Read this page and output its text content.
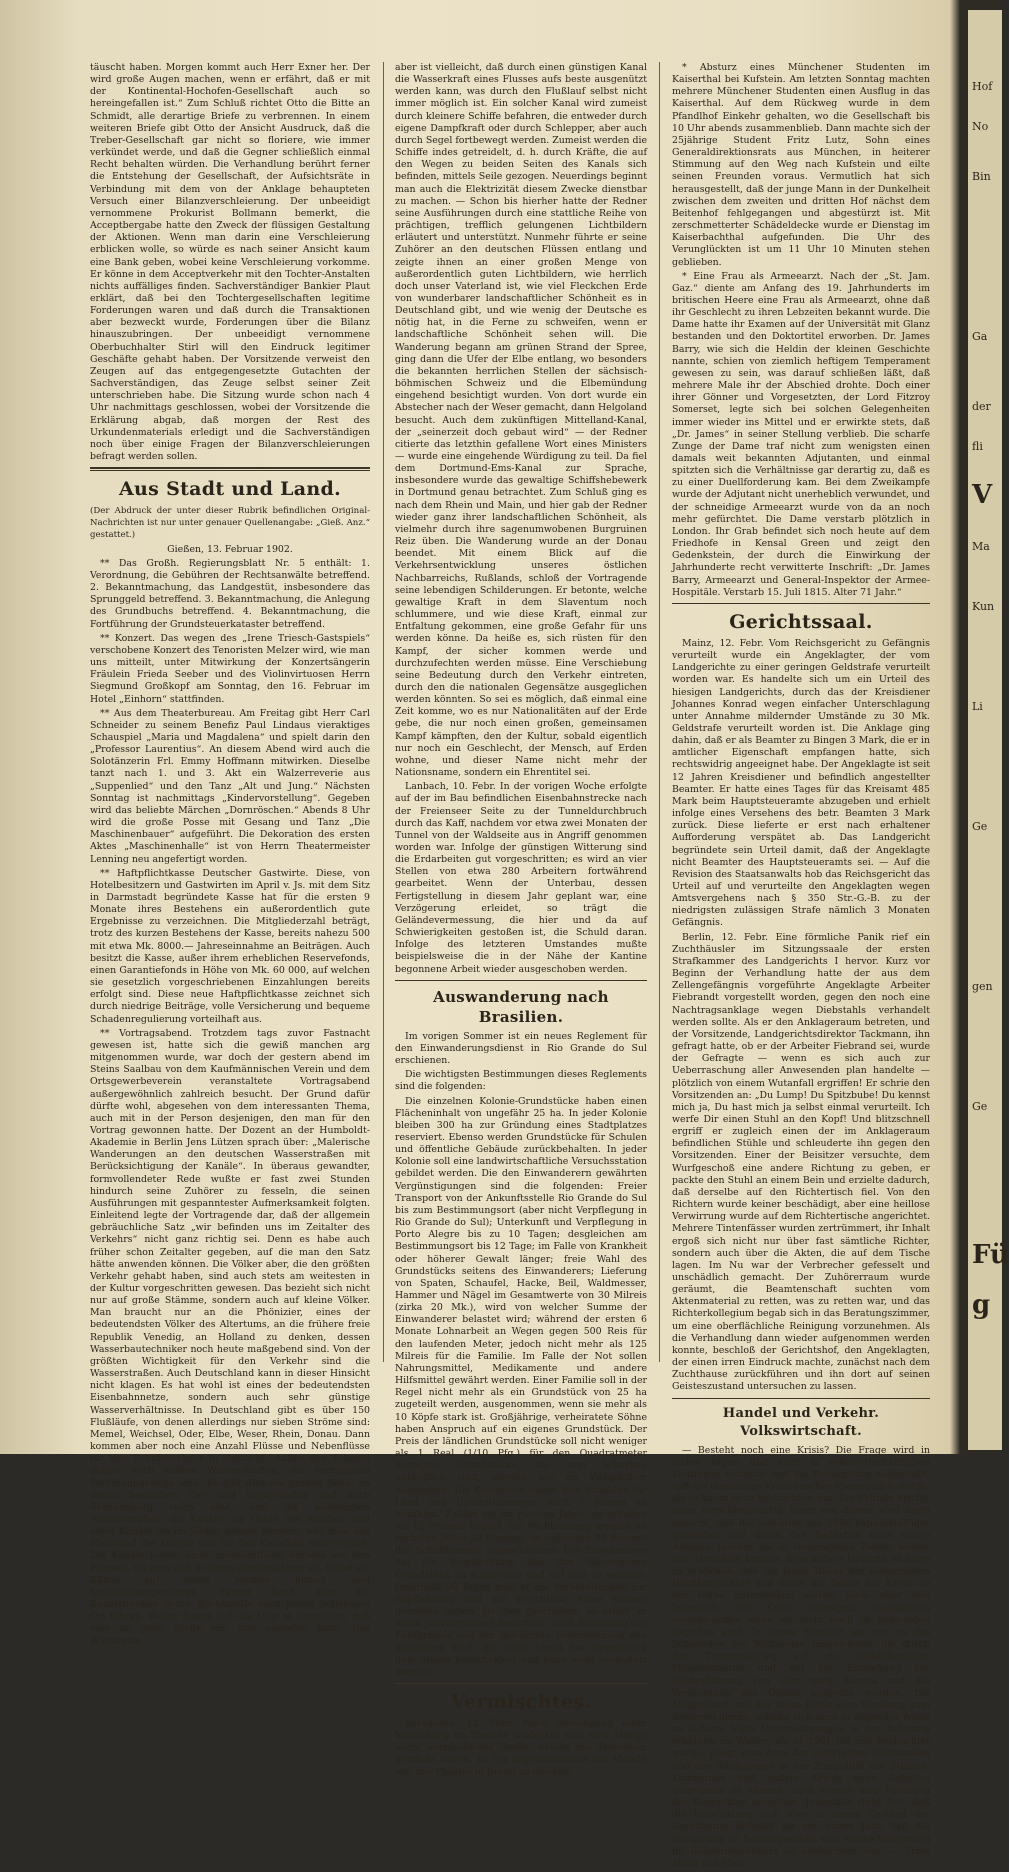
täuscht haben. Morgen kommt auch Herr Exner her. Der wird große Augen machen, wenn er erfährt, daß er mit der Kontinental-Hochofen-Gesellschaft auch so hereingefallen ist.“ Zum Schluß richtet Otto die Bitte an Schmidt, alle derartige Briefe zu verbrennen. In einem weiteren Briefe gibt Otto der Ansicht Ausdruck, daß die Treber-Gesellschaft gar nicht so floriere, wie immer verkündet werde, und daß die Gegner schließlich einmal Recht behalten würden. Die Verhandlung berührt ferner die Entstehung der Gesellschaft, der Aufsichtsräte in Verbindung mit dem von der Anklage behaupteten Versuch einer Bilanzverschleierung. Der unbeeidigt vernommene Prokurist Bollmann bemerkt, die Acceptbergabe hatte den Zweck der flüssigen Gestaltung der Aktionen. Wenn man darin eine Verschleierung erblicken wolle, so würde es nach seiner Ansicht kaum eine Bank geben, wobei keine Verschleierung vorkomme. Er könne in dem Acceptverkehr mit den Tochter-Anstalten nichts auffälliges finden. Sachverständiger Bankier Plaut erklärt, daß bei den Tochtergesellschaften legitime Forderungen waren und daß durch die Transaktionen aber bezweckt wurde, Forderungen über die Bilanz hinauszubringen. Der unbeeidigt vernommene Oberbuchhalter Stirl will den Eindruck legitimer Geschäfte gehabt haben. Der Vorsitzende verweist den Zeugen auf das entgegengesetzte Gutachten der Sachverständigen, das Zeuge selbst seiner Zeit unterschrieben habe. Die Sitzung wurde schon nach 4 Uhr nachmittags geschlossen, wobei der Vorsitzende die Erklärung abgab, daß morgen der Rest des Urkundenmaterials erledigt und die Sachverständigen noch über einige Fragen der Bilanzverschleierungen befragt werden sollen.

Aus Stadt und Land.

(Der Abdruck der unter dieser Rubrik befindlichen Original-Nachrichten ist nur unter genauer Quellenangabe: „Gieß. Anz.“ gestattet.)

Gießen, 13. Februar 1902.

** Das Großh. Regierungsblatt Nr. 5 enthält: 1. Verordnung, die Gebühren der Rechtsanwälte betreffend. 2. Bekanntmachung, das Landgestüt, insbesondere das Sprunggeld betreffend. 3. Bekanntmachung, die Anlegung des Grundbuchs betreffend. 4. Bekanntmachung, die Fortführung der Grundsteuerkataster betreffend.

** Konzert. Das wegen des „Irene Triesch-Gastspiels“ verschobene Konzert des Tenoristen Melzer wird, wie man uns mitteilt, unter Mitwirkung der Konzertsängerin Fräulein Frieda Seeber und des Violinvirtuosen Herrn Siegmund Großkopf am Sonntag, den 16. Februar im Hotel „Einhorn“ stattfinden.

** Aus dem Theaterbureau. Am Freitag gibt Herr Carl Schneider zu seinem Benefiz Paul Lindaus vieraktiges Schauspiel „Maria und Magdalena“ und spielt darin den „Professor Laurentius“. An diesem Abend wird auch die Solotänzerin Frl. Emmy Hoffmann mitwirken. Dieselbe tanzt nach 1. und 3. Akt ein Walzerreverie aus „Suppenlied“ und den Tanz „Alt und Jung.“ Nächsten Sonntag ist nachmittags „Kindervorstellung“. Gegeben wird das beliebte Märchen „Dornröschen.“ Abends 8 Uhr wird die große Posse mit Gesang und Tanz „Die Maschinenbauer“ aufgeführt. Die Dekoration des ersten Aktes „Maschinenhalle“ ist von Herrn Theatermeister Lenning neu angefertigt worden.

** Haftpflichtkasse Deutscher Gastwirte. Diese, von Hotelbesitzern und Gastwirten im April v. Js. mit dem Sitz in Darmstadt begründete Kasse hat für die ersten 9 Monate ihres Bestehens ein außerordentlich gute Ergebnisse zu verzeichnen. Die Mitgliederzahl beträgt, trotz des kurzen Bestehens der Kasse, bereits nahezu 500 mit etwa Mk. 8000.— Jahreseinnahme an Beiträgen. Auch besitzt die Kasse, außer ihrem erheblichen Reservefonds, einen Garantiefonds in Höhe von Mk. 60 000, auf welchen sie gesetzlich vorgeschriebenen Einzahlungen bereits erfolgt sind. Diese neue Haftpflichtkasse zeichnet sich durch niedrige Beiträge, volle Versicherung und bequeme Schadenregulierung vorteilhaft aus.

** Vortragsabend. Trotzdem tags zuvor Fastnacht gewesen ist, hatte sich die gewiß manchen arg mitgenommen wurde, war doch der gestern abend im Steins Saalbau von dem Kaufmännischen Verein und dem Ortsgewerbeverein veranstaltete Vortragsabend außergewöhnlich zahlreich besucht. Der Grund dafür dürfte wohl, abgesehen von dem interessanten Thema, auch mit in der Person desjenigen, den man für den Vortrag gewonnen hatte. Der Dozent an der Humboldt-Akademie in Berlin Jens Lützen sprach über: „Malerische Wanderungen an den deutschen Wasserstraßen mit Berücksichtigung der Kanäle“. In überaus gewandter, formvollendeter Rede wußte er fast zwei Stunden hindurch seine Zuhörer zu fesseln, die seinen Ausführungen mit gespanntester Aufmerksamkeit folgten. Einleitend legte der Vortragende dar, daß der allgemein gebräuchliche Satz „wir befinden uns im Zeitalter des Verkehrs“ nicht ganz richtig sei. Denn es habe auch früher schon Zeitalter gegeben, auf die man den Satz hätte anwenden können. Die Völker aber, die den größten Verkehr gehabt haben, sind auch stets am weitesten in der Kultur vorgeschritten gewesen. Das bezieht sich nicht nur auf große Stämme, sondern auch auf kleine Völker. Man braucht nur an die Phönizier, eines der bedeutendsten Völker des Altertums, an die frühere freie Republik Venedig, an Holland zu denken, dessen Wasserbautechniker noch heute maßgebend sind. Von der größten Wichtigkeit für den Verkehr sind die Wasserstraßen. Auch Deutschland kann in dieser Hinsicht nicht klagen. Es hat wohl ist eines der bedeutendsten Eisenbahnnetze, sondern auch sehr günstige Wasserverhältnisse. In Deutschland gibt es über 150 Flußläufe, von denen allerdings nur sieben Ströme sind: Memel, Weichsel, Oder, Elbe, Weser, Rhein, Donau. Dann kommen aber noch eine Anzahl Flüsse und Nebenflüsse für den Schiffsverkehr in Betracht. Außer den Flüssen gebört noch andere Wasserstraßen, die vorzügliche Verbindungswege sind. Es gibt dies die großen Seen, an denen besonders Ost- und Westpreußen und auch Brandenburg reich sind, und die künstlichen Wasserstraßen, die Kanäle. Im Osten des Reiches sind mehr Kanäle als im Süden gebaut worden, weil man das Flachland des Ostens sich für den Kanalbau mehr eignet. Die Kanäle bieten nicht unwesentliche Vorteile vor den Flüssen. Da man sich in ihnen gleichmäßiger ist, bietet sie Kähne auf ihnen leichter hinauf- und hinabzutransportieren. Ferner kann man die Kanalstrecken durch Stichkanäle nach jedem beliebigen Ort führen. Weiter lassen sich die Ufer so einrichten, daß man an jeder Stelle ein- und ausladen kann. Das Wichtigste

aber ist vielleicht, daß durch einen günstigen Kanal die Wasserkraft eines Flusses aufs beste ausgenützt werden kann, was durch den Flußlauf selbst nicht immer möglich ist. Ein solcher Kanal wird zumeist durch kleinere Schiffe befahren, die entweder durch eigene Dampfkraft oder durch Schlepper, aber auch durch Segel fortbewegt werden. Zumeist werden die Schiffe indes getreidelt, d. h. durch Kräfte, die auf den Wegen zu beiden Seiten des Kanals sich befinden, mittels Seile gezogen. Neuerdings beginnt man auch die Elektrizität diesem Zwecke dienstbar zu machen. — Schon bis hierher hatte der Redner seine Ausführungen durch eine stattliche Reihe von prächtigen, trefflich gelungenen Lichtbildern erläutert und unterstützt. Nunmehr führte er seine Zuhörer an den deutschen Flüssen entlang und zeigte ihnen an einer großen Menge von außerordentlich guten Lichtbildern, wie herrlich doch unser Vaterland ist, wie viel Fleckchen Erde von wunderbarer landschaftlicher Schönheit es in Deutschland gibt, und wie wenig der Deutsche es nötig hat, in die Ferne zu schweifen, wenn er landschaftliche Schönheit sehen will. Die Wanderung begann am grünen Strand der Spree, ging dann die Ufer der Elbe entlang, wo besonders die bekannten herrlichen Stellen der sächsisch-böhmischen Schweiz und die Elbemündung eingehend besichtigt wurden. Von dort wurde ein Abstecher nach der Weser gemacht, dann Helgoland besucht. Auch dem zukünftigen Mittelland-Kanal, der „seinerzeit doch gebaut wird“ — der Redner citierte das letzthin gefallene Wort eines Ministers — wurde eine eingehende Würdigung zu teil. Da fiel dem Dortmund-Ems-Kanal zur Sprache, insbesondere wurde das gewaltige Schiffshebewerk in Dortmund genau betrachtet. Zum Schluß ging es nach dem Rhein und Main, und hier gab der Redner wieder ganz ihrer landschaftlichen Schönheit, als vielmehr durch ihre sagenumwobenen Burgruinen Reiz üben. Die Wanderung wurde an der Donau beendet. Mit einem Blick auf die Verkehrsentwicklung unseres östlichen Nachbarreichs, Rußlands, schloß der Vortragende seine lebendigen Schilderungen. Er betonte, welche gewaltige Kraft in dem Slaventum noch schlummere, und wie diese Kraft, einmal zur Entfaltung gekommen, eine große Gefahr für uns werden könne. Da heiße es, sich rüsten für den Kampf, der sicher kommen werde und durchzufechten werden müsse. Eine Verschiebung seine Bedeutung durch den Verkehr eintreten, durch den die nationalen Gegensätze ausgeglichen werden könnten. So sei es möglich, daß einmal eine Zeit komme, wo es nur Nationalitäten auf der Erde gebe, die nur noch einen großen, gemeinsamen Kampf kämpften, den der Kultur, sobald eigentlich nur noch ein Geschlecht, der Mensch, auf Erden wohne, und dieser Name nicht mehr der Nationsname, sondern ein Ehrentitel sei.

Lanbach, 10. Febr. In der vorigen Woche erfolgte auf der im Bau befindlichen Eisenbahnstrecke nach der Freienseer Seite zu der Tunneldurchbruch durch das Kaff, nachdem vor etwa zwei Monaten der Tunnel von der Waldseite aus in Angriff genommen worden war. Infolge der günstigen Witterung sind die Erdarbeiten gut vorgeschritten; es wird an vier Stellen von etwa 280 Arbeitern fortwährend gearbeitet. Wenn der Unterbau, dessen Fertigstellung in diesem Jahr geplant war, eine Verzögerung erleidet, so trägt die Geländevermessung, die hier und da auf Schwierigkeiten gestoßen ist, die Schuld daran. Infolge des letzteren Umstandes mußte beispielsweise die in der Nähe der Kantine begonnene Arbeit wieder ausgeschoben werden.

Auswanderung nach Brasilien.

Im vorigen Sommer ist ein neues Reglement für den Einwanderungsdienst in Rio Grande do Sul erschienen.

Die wichtigsten Bestimmungen dieses Reglements sind die folgenden:

Die einzelnen Kolonie-Grundstücke haben einen Flächeninhalt von ungefähr 25 ha. In jeder Kolonie bleiben 300 ha zur Gründung eines Stadtplatzes reserviert. Ebenso werden Grundstücke für Schulen und öffentliche Gebäude zurückbehalten. In jeder Kolonie soll eine landwirtschaftliche Versuchsstation gebildet werden. Die den Einwanderern gewährten Vergünstigungen sind die folgenden: Freier Transport von der Ankunftsstelle Rio Grande do Sul bis zum Bestimmungsort (aber nicht Verpflegung in Rio Grande do Sul); Unterkunft und Verpflegung in Porto Alegre bis zu 10 Tagen; desgleichen am Bestimmungsort bis 12 Tage; im Falle von Krankheit oder höherer Gewalt länger; freie Wahl des Grundstücks seitens des Einwanderers; Lieferung von Spaten, Schaufel, Hacke, Beil, Waldmesser, Hammer und Nägel im Gesamtwerte von 30 Milreis (zirka 20 Mk.), wird von welcher Summe der Einwanderer belastet wird; während der ersten 6 Monate Lohnarbeit an Wegen gegen 500 Reis für den laufenden Meter, jedoch nicht mehr als 125 Milreis für die Familie. Im Falle der Not sollen Nahrungsmittel, Medikamente und andere Hilfsmittel gewährt werden. Einer Familie soll in der Regel nicht mehr als ein Grundstück von 25 ha zugeteilt werden, ausgenommen, wenn sie mehr als 10 Köpfe stark ist. Großjährige, verheiratete Söhne haben Anspruch auf ein eigenes Grundstück. Der Preis der ländlichen Grundstücke soll nicht weniger als 1 Real (1/10 Pfg.) für den Quadratmeter betragen. Grundstücke, die zum Ackerbau untauglich sind, werden nur an Viehpächter abgegeben. Die Kolonisten haben ihre Schulden für Land und Unterstützungen nach 5 Jahren zu bezahlen. Zahlen sie im zweiten Jahre, so erhalten sie 12 Prozent Rabatt. Bei Nichtzahlung werden im sechsten Jahre 20 Prozent, im siebenten 30 Prozent der Schuldsumme zugeschrieben. Der Einwanderer hat die Verpflichtung, das ihm überwiesene Grundstück zu kultivieren und auf ihm zu wohnen. Innerhalb 90 Tagen muß er die Vorbereitungen zur Bepflanzung und zur Errichtung eines Hauses getroffen haben. Ist dies geschehen, so erhält er einen provisorischen Besitztitel; nach Bezahlung des Kaufpreises und der gewährten Unterstützung den definitiven Titel. Bis dahin bleibt das Grundstück dem Staate hypothekiert und kann nicht veräußert werden.

Vermischtes.

Saragossa, 12. Febr. Nach Beendigung einer Vorstellung im Theater entdeckte man eine Menge leicht entzündlicher Stoffe, welche mit Petroleum getränkt waren. Es lag augenscheinlich die Absicht vor, das Theater in Brand zu stecken.

* Absturz eines Münchener Studenten im Kaiserthal bei Kufstein. Am letzten Sonntag machten mehrere Münchener Studenten einen Ausflug in das Kaiserthal. Auf dem Rückweg wurde in dem Pfandlhof Einkehr gehalten, wo die Gesellschaft bis 10 Uhr abends zusammenblieb. Dann machte sich der 25jährige Student Fritz Lutz, Sohn eines Generaldirektionsrats aus München, in heiterer Stimmung auf den Weg nach Kufstein und eilte seinen Freunden voraus. Vermutlich hat sich herausgestellt, daß der junge Mann in der Dunkelheit zwischen dem zweiten und dritten Hof nächst dem Beitenhof fehlgegangen und abgestürzt ist. Mit zerschmetterter Schädeldecke wurde er Dienstag im Kaiserbachthal aufgefunden. Die Uhr des Verunglückten ist um 11 Uhr 10 Minuten stehen geblieben.

* Eine Frau als Armeearzt. Nach der „St. Jam. Gaz.“ diente am Anfang des 19. Jahrhunderts im britischen Heere eine Frau als Armeearzt, ohne daß ihr Geschlecht zu ihren Lebzeiten bekannt wurde. Die Dame hatte ihr Examen auf der Universität mit Glanz bestanden und den Doktortitel erworben. Dr. James Barry, wie sich die Heldin der kleinen Geschichte nannte, schien von ziemlich heftigem Temperament gewesen zu sein, was darauf schließen läßt, daß mehrere Male ihr der Abschied drohte. Doch einer ihrer Gönner und Vorgesetzten, der Lord Fitzroy Somerset, legte sich bei solchen Gelegenheiten immer wieder ins Mittel und er erwirkte stets, daß „Dr. James“ in seiner Stellung verblieb. Die scharfe Zunge der Dame traf nicht zum wenigsten einen damals weit bekannten Adjutanten, und einmal spitzten sich die Verhältnisse gar derartig zu, daß es zu einer Duellforderung kam. Bei dem Zweikampfe wurde der Adjutant nicht unerheblich verwundet, und der schneidige Armeearzt wurde von da an noch mehr gefürchtet. Die Dame verstarb plötzlich in London. Ihr Grab befindet sich noch heute auf dem Friedhofe in Kensal Green und zeigt den Gedenkstein, der durch die Einwirkung der Jahrhunderte recht verwitterte Inschrift: „Dr. James Barry, Armeearzt und General-Inspektor der Armee-Hospitäle. Verstarb 15. Juli 1815. Alter 71 Jahr.“

Gerichtssaal.

Mainz, 12. Febr. Vom Reichsgericht zu Gefängnis verurteilt wurde ein Angeklagter, der vom Landgerichte zu einer geringen Geldstrafe verurteilt worden war. Es handelte sich um ein Urteil des hiesigen Landgerichts, durch das der Kreisdiener Johannes Konrad wegen einfacher Unterschlagung unter Annahme mildernder Umstände zu 30 Mk. Geldstrafe verurteilt worden ist. Die Anklage ging dahin, daß er als Beamter zu Bingen 3 Mark, die er in amtlicher Eigenschaft empfangen hatte, sich rechtswidrig angeeignet habe. Der Angeklagte ist seit 12 Jahren Kreisdiener und befindlich angestellter Beamter. Er hatte eines Tages für das Kreisamt 485 Mark beim Hauptsteueramte abzugeben und erhielt infolge eines Versehens des betr. Beamten 3 Mark zurück. Diese lieferte er erst nach erhaltener Aufforderung verspätet ab. Das Landgericht begründete sein Urteil damit, daß der Angeklagte nicht Beamter des Hauptsteueramts sei. — Auf die Revision des Staatsanwalts hob das Reichsgericht das Urteil auf und verurteilte den Angeklagten wegen Amtsvergehens nach § 350 Str.-G.-B. zu der niedrigsten zulässigen Strafe nämlich 3 Monaten Gefängnis.

Berlin, 12. Febr. Eine förmliche Panik rief ein Zuchthäusler im Sitzungssaale der ersten Strafkammer des Landgerichts I hervor. Kurz vor Beginn der Verhandlung hatte der aus dem Zellengefängnis vorgeführte Angeklagte Arbeiter Fiebrandt vorgestellt worden, gegen den noch eine Nachtragsanklage wegen Diebstahls verhandelt werden sollte. Als er den Anklageraum betreten, und der Vorsitzende, Landgerichtsdirektor Tackmann, ihn gefragt hatte, ob er der Arbeiter Fiebrand sei, wurde der Gefragte — wenn es sich auch zur Ueberraschung aller Anwesenden plan handelte — plötzlich von einem Wutanfall ergriffen! Er schrie den Vorsitzenden an: „Du Lump! Du Spitzbube! Du kennst mich ja, Du hast mich ja selbst einmal verurteilt. Ich werfe Dir einen Stuhl an den Kopf! Und blitzschnell ergriff er zugleich einen der im Anklageraum befindlichen Stühle und schleuderte ihn gegen den Vorsitzenden. Einer der Beisitzer versuchte, dem Wurfgeschoß eine andere Richtung zu geben, er packte den Stuhl an einem Bein und erzielte dadurch, daß derselbe auf den Richtertisch fiel. Von den Richtern wurde keiner beschädigt, aber eine heillose Verwirrung wurde auf dem Richtertische angerichtet. Mehrere Tintenfässer wurden zertrümmert, ihr Inhalt ergoß sich nicht nur über fast sämtliche Richter, sondern auch über die Akten, die auf dem Tische lagen. Im Nu war der Verbrecher gefesselt und unschädlich gemacht. Der Zuhörerraum wurde geräumt, die Beamtenschaft suchten vom Aktenmaterial zu retten, was zu retten war, und das Richterkollegium begab sich in das Beratungszimmer, um eine oberflächliche Reinigung vorzunehmen. Als die Verhandlung dann wieder aufgenommen werden konnte, beschloß der Gerichtshof, den Angeklagten, der einen irren Eindruck machte, zunächst nach dem Zuchthause zurückführen und ihn dort auf seinen Geisteszustand untersuchen zu lassen.

Handel und Verkehr. Volkswirtschaft.

— Besteht noch eine Krisis? Die Frage wird in vielen Tages- und auch in volkswirtschaftlichen Zeitungen verneint und die Behauptung aufgestellt, daß die diesmalige Krisis rascher überwunden wurde, als es kaum je zu beobachten war. Die Gründe hierfür seien verschiedenartig. Einer von diesen wird darin gesucht, daß die Industrie seit 1896 kapitalkräftiger geworden und damit das Bedürfnis nach neuen Anlagen rascher als in vergangenen Zeiten wieder zum Vorschein komme. Eine andere Ursache ist darin zu erblicken, daß die lange Dauer der industriellen Hochkonjunktur und damit die Dauer der Krisis an der Börse unterschätzt wurde, nicht aber ihre Intensität. Die Krisis beiträgen, thatsächlich verschwunden wenn sie nicht noch im Schwinden begriffen sind. In dieser Hinsicht sei nun zu das Schwinden der Wirkungen hingewiesen, die durch den Transvaalkrieg auf die südafrikanische Minenindustrie und mit der Entziehung der Goldzuführung von dort nach Europa und die Verteuerung des Geldes ausgeübt wurden. Die Möglichkeit, mit der diese Krisis eine Wendung zum Besseren nimmt, scheint sich auch in folgender Weise zu äußern: Viele Unternehmungen in der Industrie erhöhten im Winter, als er 1901 bei uns beobachtet wurde, pflegt eine Aera des niedrigsten Geldstandes und des Rückganges in der Zinspolitik der Staaten, Kommunen und andere Kreise neue Anleihen aufnehmen zu können, auch wieder eine Belebung der Konjunktur ausgehen. Jedenfalls steht fest, daß die Entwicklung sich eher in einem Zustand der Beruhigung befindet als vor einem Jahr, daß die Steigerung im Rentengeschäft eine starke Steigerung im Industriekonnkurs zu beobachten war. — Trotz allem und alles

Hof
No
Bin
Ga
der
fli
V
Ma
Kun
Li
Ge
gen
Ge
Fü
g
